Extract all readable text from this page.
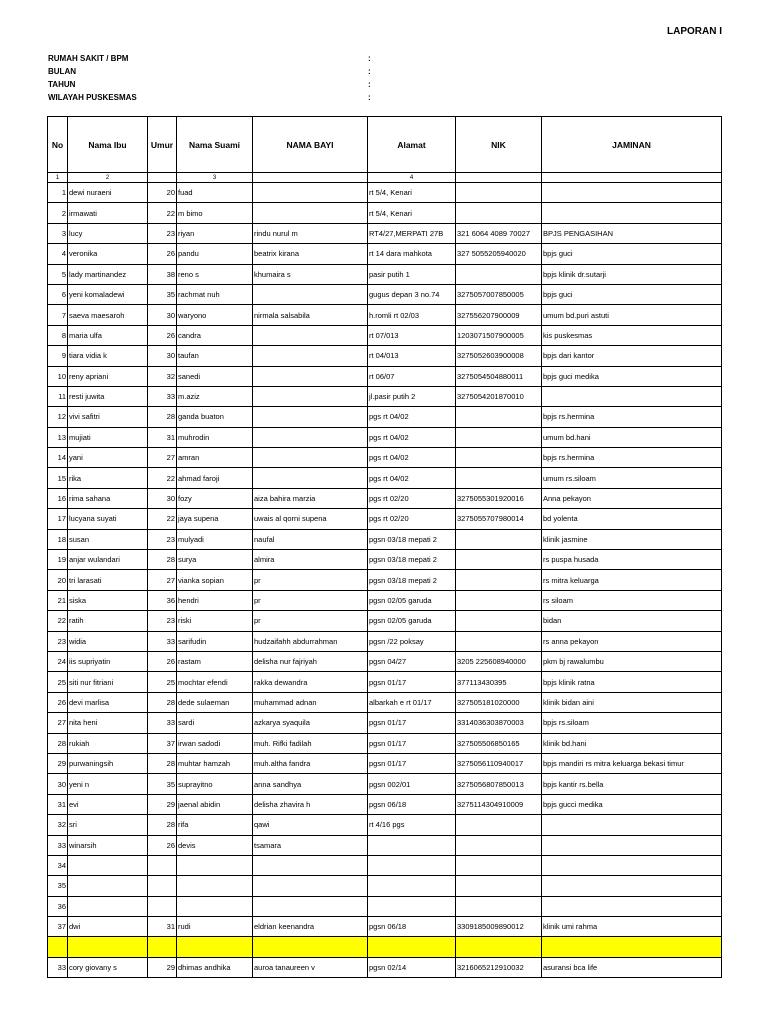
LAPORAN I
RUMAH SAKIT / BPM	:
BULAN	:
TAHUN	:
WILAYAH PUSKESMAS	:
No	Nama Ibu	Umur	Nama Suami	NAMA BAYI	Alamat	NIK	JAMINAN
1	2		3		4		
1	dewi nuraeni	20	fuad		rt 5/4, Kenari		
2	irmawati	22	m bimo		rt 5/4, Kenari		
3	lucy	23	riyan	rindu nurul m	RT4/27,MERPATI 27B	321 6064 4089 70027	BPJS PENGASIHAN
4	veronika	26	pandu	beatrix kirana	rt 14 dara mahkota	327 5055205940020	bpjs guci
5	lady martinandez	38	reno s	khumaira s	pasir putih 1		bpjs klinik dr.sutarji
6	yeni komaladewi	35	rachmat nuh		gugus depan 3 no.74	3275057007850005	bpjs guci
7	saeva maesaroh	30	waryono	nirmala salsabila	h.romli rt 02/03	327556207900009	umum bd.puri astuti
8	maria ulfa	26	candra		rt 07/013	1203071507900005	kis puskesmas
9	tiara vidia k	30	taufan		rt 04/013	3275052603900008	bpjs dari kantor
10	reny apriani	32	sanedi		rt 06/07	3275054504880011	bpjs guci medika
11	resti juwita	33	m.aziz		jl.pasir putih 2	3275054201870010	
12	vivi safitri	28	ganda buaton		pgs rt 04/02		bpjs rs.hermina
13	mujiati	31	muhrodin		pgs rt 04/02		umum bd.hani
14	yani	27	amran		pgs rt 04/02		bpjs rs.hermina
15	rika	22	ahmad faroji		pgs rt 04/02		umum rs.siloam
16	rima sahana	30	fozy	aiza bahira marzia	pgs rt 02/20	3275055301920016	Anna pekayon
17	lucyana suyati	22	jaya supena	uwais al qorni supena	pgs rt 02/20	3275055707980014	bd yolenta
18	susan	23	mulyadi	naufal	pgsn 03/18 mepati 2		klinik jasmine
19	anjar wulandari	28	surya	almira	pgsn 03/18 mepati 2		rs puspa husada
20	tri larasati	27	vianka sopian	pr	pgsn 03/18 mepati 2		rs mitra keluarga
21	siska	36	hendri	pr	pgsn 02/05 garuda		rs siloam
22	ratih	23	riski	pr	pgsn 02/05 garuda		bidan
23	widia	33	sarifudin	hudzaifahh abdurrahman	pgsn /22 poksay		rs anna pekayon
24	iis supriyatin	26	rastam	delisha nur fajriyah	pgsn 04/27	3205 225608940000	pkm bj rawalumbu
25	siti nur fitriani	25	mochtar efendi	rakka dewandra	pgsn 01/17	377113430395	bpjs klinik ratna
26	devi marlisa	28	dede sulaeman	muhammad adnan	albarkah e rt 01/17	327505181020000	klinik bidan aini
27	nita heni	33	sardi	azkarya syaquila	pgsn 01/17	3314036303870003	bpjs rs.siloam
28	rukiah	37	irwan sadodi	muh. Rifki fadilah	pgsn 01/17	327505506850165	klinik bd.hani
29	purwaningsih	28	muhtar hamzah	muh.altha fandra	pgsn 01/17	3275056110940017	bpjs mandiri rs mitra keluarga bekasi timur
30	yeni n	35	suprayitno	anna sandhya	pgsn 002/01	3275056807850013	bpjs kantir rs.bella
31	evi	29	jaenal abidin	delisha zhavira h	pgsn 06/18	3275114304910009	bpjs gucci medika
32	sri	28	rifa	qawi	rt 4/16 pgs		
33	winarsih	26	devis	tsamara			
34							
35							
36							
37	dwi	31	rudi	eldrian keenandra	pgsn 06/18	3309185009890012	klinik umi rahma

33	cory giovany s	29	dhimas andhika	auroa tanaureen v	pgsn 02/14	3216065212910032	asuransi bca life
